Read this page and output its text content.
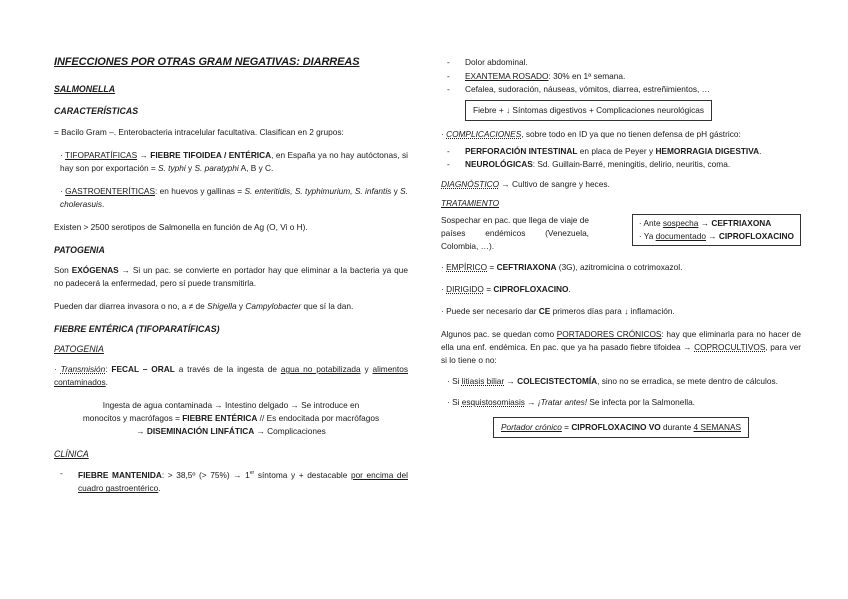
INFECCIONES POR OTRAS GRAM NEGATIVAS: DIARREAS
SALMONELLA
CARACTERÍSTICAS
= Bacilo Gram –. Enterobacteria intracelular facultativa. Clasifican en 2 grupos:
· TIFOPARATÍFICAS → FIEBRE TIFOIDEA / ENTÉRICA, en España ya no hay autóctonas, si hay son por exportación = S. typhi y S. paratyphi A, B y C.
· GASTROENTERÍTICAS: en huevos y gallinas = S. enteritidis, S. typhimurium, S. infantis y S. cholerasuis.
Existen > 2500 serotipos de Salmonella en función de Ag (O, Vi o H).
PATOGENIA
Son EXÓGENAS → Si un pac. se convierte en portador hay que eliminar a la bacteria ya que no padecerá la enfermedad, pero sí puede transmitirla.
Pueden dar diarrea invasora o no, a ≠ de Shigella y Campylobacter que sí la dan.
FIEBRE ENTÉRICA (TIFOPARATÍFICAS)
PATOGENIA
· Transmisión: FECAL – ORAL a través de la ingesta de agua no potabilizada y alimentos contaminados.
Ingesta de agua contaminada → Intestino delgado → Se introduce en
monocitos y macrófagos = FIEBRE ENTÉRICA // Es endocitada por macrófagos
→ DISEMINACIÓN LINFÁTICA → Complicaciones
CLÍNICA
- FIEBRE MANTENIDA: > 38,5º (> 75%) → 1er síntoma y + destacable por encima del cuadro gastroentérico.
- Dolor abdominal.
- EXANTEMA ROSADO: 30% en 1ª semana.
- Cefalea, sudoración, náuseas, vómitos, diarrea, estreñimientos, …
Fiebre + ↓ Síntomas digestivos + Complicaciones neurológicas
· COMPLICACIONES, sobre todo en ID ya que no tienen defensa de pH gástrico:
- PERFORACIÓN INTESTINAL en placa de Peyer y HEMORRAGIA DIGESTIVA.
- NEUROLÓGICAS: Sd. Guillain-Barré, meningitis, delirio, neuritis, coma.
DIAGNÓSTICO → Cultivo de sangre y heces.
TRATAMIENTO
Sospechar en pac. que llega de viaje de países endémicos (Venezuela, Colombia, …).
· Ante sospecha → CEFTRIAXONA
· Ya documentado → CIPROFLOXACINO
· EMPÍRICO = CEFTRIAXONA (3G), azitromicina o cotrimoxazol.
· DIRIGIDO = CIPROFLOXACINO.
· Puede ser necesario dar CE primeros días para ↓ inflamación.
Algunos pac. se quedan como PORTADORES CRÓNICOS: hay que eliminarla para no hacer de ella una enf. endémica. En pac. que ya ha pasado fiebre tifoidea → COPROCULTIVOS, para ver si lo tiene o no:
· Si litiasis biliar → COLECISTECTOMÍA, sino no se erradica, se mete dentro de cálculos.
· Si esquistosomiasis → ¡Tratar antes! Se infecta por la Salmonella.
Portador crónico = CIPROFLOXACINO VO durante 4 SEMANAS
